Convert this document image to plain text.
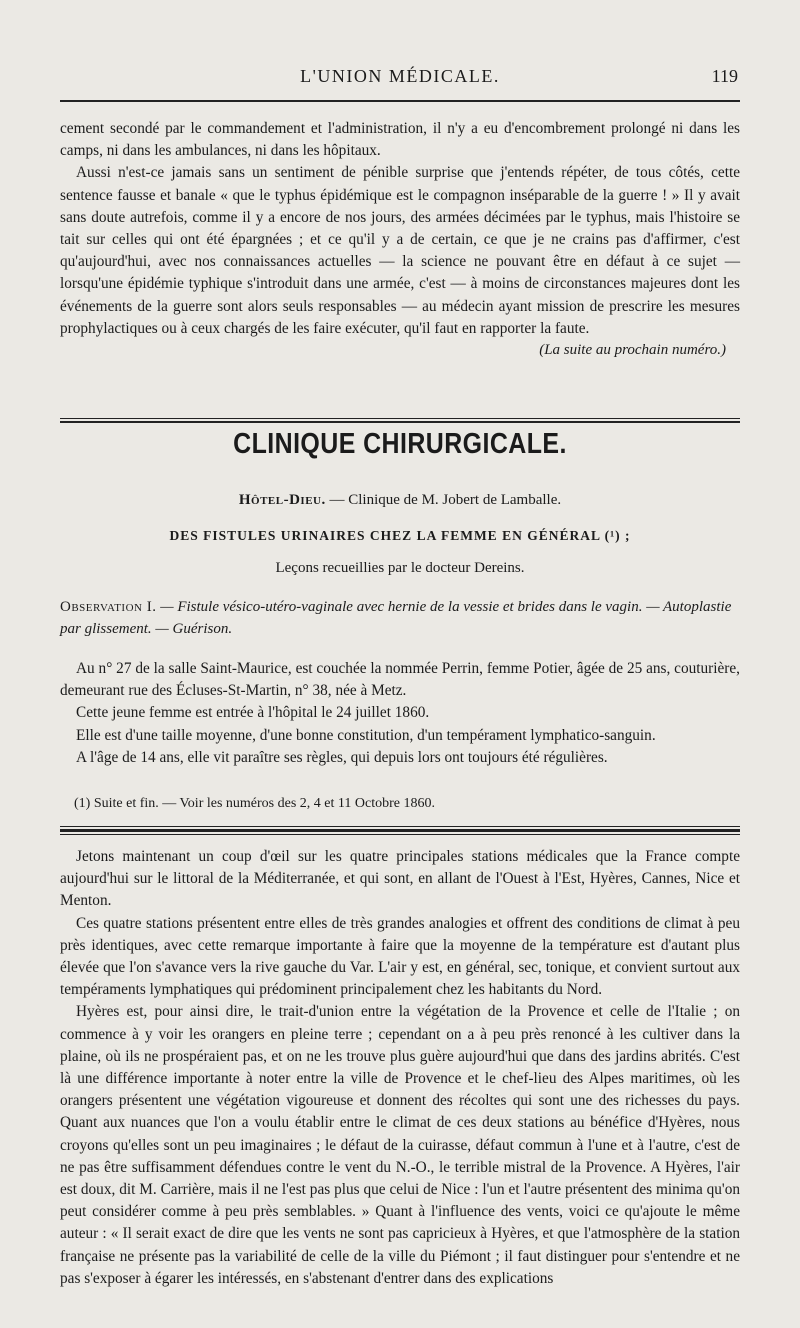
L'UNION MÉDICALE.	119

cement secondé par le commandement et l'administration, il n'y a eu d'encombrement prolongé ni dans les camps, ni dans les ambulances, ni dans les hôpitaux.

Aussi n'est-ce jamais sans un sentiment de pénible surprise que j'entends répéter, de tous côtés, cette sentence fausse et banale « que le typhus épidémique est le compagnon inséparable de la guerre ! » Il y avait sans doute autrefois, comme il y a encore de nos jours, des armées décimées par le typhus, mais l'histoire se tait sur celles qui ont été épargnées ; et ce qu'il y a de certain, ce que je ne crains pas d'affirmer, c'est qu'aujourd'hui, avec nos connaissances actuelles — la science ne pouvant être en défaut à ce sujet — lorsqu'une épidémie typhique s'introduit dans une armée, c'est — à moins de circonstances majeures dont les événements de la guerre sont alors seuls responsables — au médecin ayant mission de prescrire les mesures prophylactiques ou à ceux chargés de les faire exécuter, qu'il faut en rapporter la faute.

(La suite au prochain numéro.)
CLINIQUE CHIRURGICALE.
Hôtel-Dieu. — Clinique de M. Jobert de Lamballe.
DES FISTULES URINAIRES CHEZ LA FEMME EN GÉNÉRAL (¹) ;
Leçons recueillies par le docteur Dereins.
Observation I. — Fistule vésico-utéro-vaginale avec hernie de la vessie et brides dans le vagin. — Autoplastie par glissement. — Guérison.

Au n° 27 de la salle Saint-Maurice, est couchée la nommée Perrin, femme Potier, âgée de 25 ans, couturière, demeurant rue des Écluses-St-Martin, n° 38, née à Metz.

Cette jeune femme est entrée à l'hôpital le 24 juillet 1860.

Elle est d'une taille moyenne, d'une bonne constitution, d'un tempérament lymphatico-sanguin.

A l'âge de 14 ans, elle vit paraître ses règles, qui depuis lors ont toujours été régulières.

(1) Suite et fin. — Voir les numéros des 2, 4 et 11 Octobre 1860.

Jetons maintenant un coup d'œil sur les quatre principales stations médicales que la France compte aujourd'hui sur le littoral de la Méditerranée, et qui sont, en allant de l'Ouest à l'Est, Hyères, Cannes, Nice et Menton.

Ces quatre stations présentent entre elles de très grandes analogies et offrent des conditions de climat à peu près identiques, avec cette remarque importante à faire que la moyenne de la température est d'autant plus élevée que l'on s'avance vers la rive gauche du Var. L'air y est, en général, sec, tonique, et convient surtout aux tempéraments lymphatiques qui prédominent principalement chez les habitants du Nord.

Hyères est, pour ainsi dire, le trait-d'union entre la végétation de la Provence et celle de l'Italie ; on commence à y voir les orangers en pleine terre ; cependant on a à peu près renoncé à les cultiver dans la plaine, où ils ne prospéraient pas, et on ne les trouve plus guère aujourd'hui que dans des jardins abrités. C'est là une différence importante à noter entre la ville de Provence et le chef-lieu des Alpes maritimes, où les orangers présentent une végétation vigoureuse et donnent des récoltes qui sont une des richesses du pays. Quant aux nuances que l'on a voulu établir entre le climat de ces deux stations au bénéfice d'Hyères, nous croyons qu'elles sont un peu imaginaires ; le défaut de la cuirasse, défaut commun à l'une et à l'autre, c'est de ne pas être suffisamment défendues contre le vent du N.-O., le terrible mistral de la Provence. A Hyères, l'air est doux, dit M. Carrière, mais il ne l'est pas plus que celui de Nice : l'un et l'autre présentent des minima qu'on peut considérer comme à peu près semblables. » Quant à l'influence des vents, voici ce qu'ajoute le même auteur : « Il serait exact de dire que les vents ne sont pas capricieux à Hyères, et que l'atmosphère de la station française ne présente pas la variabilité de celle de la ville du Piémont ; il faut distinguer pour s'entendre et ne pas s'exposer à égarer les intéressés, en s'abstenant d'entrer dans des explications
